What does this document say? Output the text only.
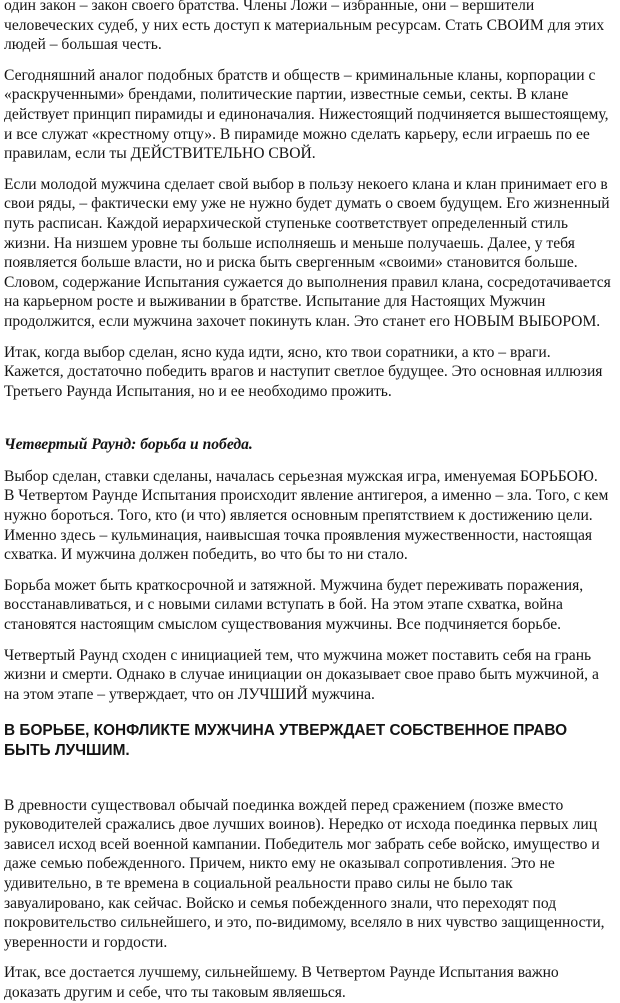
один закон – закон своего братства. Члены Ложи – избранные, они – вершители человеческих судеб, у них есть доступ к материальным ресурсам. Стать СВОИМ для этих людей – большая честь.

Сегодняшний аналог подобных братств и обществ – криминальные кланы, корпорации с «раскрученными» брендами, политические партии, известные семьи, секты. В клане действует принцип пирамиды и единоначалия. Нижестоящий подчиняется вышестоящему, и все служат «крестному отцу». В пирамиде можно сделать карьеру, если играешь по ее правилам, если ты ДЕЙСТВИТЕЛЬНО СВОЙ.

Если молодой мужчина сделает свой выбор в пользу некоего клана и клан принимает его в свои ряды, – фактически ему уже не нужно будет думать о своем будущем. Его жизненный путь расписан. Каждой иерархической ступеньке соответствует определенный стиль жизни. На низшем уровне ты больше исполняешь и меньше получаешь. Далее, у тебя появляется больше власти, но и риска быть свергенным «своими» становится больше. Словом, содержание Испытания сужается до выполнения правил клана, сосредотачивается на карьерном росте и выживании в братстве. Испытание для Настоящих Мужчин продолжится, если мужчина захочет покинуть клан. Это станет его НОВЫМ ВЫБОРОМ.

Итак, когда выбор сделан, ясно куда идти, ясно, кто твои соратники, а кто – враги. Кажется, достаточно победить врагов и наступит светлое будущее. Это основная иллюзия Третьего Раунда Испытания, но и ее необходимо прожить.

Четвертый Раунд: борьба и победа.

Выбор сделан, ставки сделаны, началась серьезная мужская игра, именуемая БОРЬБОЮ. В Четвертом Раунде Испытания происходит явление антигероя, а именно – зла. Того, с кем нужно бороться. Того, кто (и что) является основным препятствием к достижению цели. Именно здесь – кульминация, наивысшая точка проявления мужественности, настоящая схватка. И мужчина должен победить, во что бы то ни стало.

Борьба может быть краткосрочной и затяжной. Мужчина будет переживать поражения, восстанавливаться, и с новыми силами вступать в бой. На этом этапе схватка, война становятся настоящим смыслом существования мужчины. Все подчиняется борьбе.

Четвертый Раунд сходен с инициацией тем, что мужчина может поставить себя на грань жизни и смерти. Однако в случае инициации он доказывает свое право быть мужчиной, а на этом этапе – утверждает, что он ЛУЧШИЙ мужчина.

В БОРЬБЕ, КОНФЛИКТЕ МУЖЧИНА УТВЕРЖДАЕТ СОБСТВЕННОЕ ПРАВО БЫТЬ ЛУЧШИМ.

В древности существовал обычай поединка вождей перед сражением (позже вместо руководителей сражались двое лучших воинов). Нередко от исхода поединка первых лиц зависел исход всей военной кампании. Победитель мог забрать себе войско, имущество и даже семью побежденного. Причем, никто ему не оказывал сопротивления. Это не удивительно, в те времена в социальной реальности право силы не было так завуалировано, как сейчас. Войско и семья побежденного знали, что переходят под покровительство сильнейшего, и это, по-видимому, вселяло в них чувство защищенности, уверенности и гордости.

Итак, все достается лучшему, сильнейшему. В Четвертом Раунде Испытания важно доказать другим и себе, что ты таковым являешься.
